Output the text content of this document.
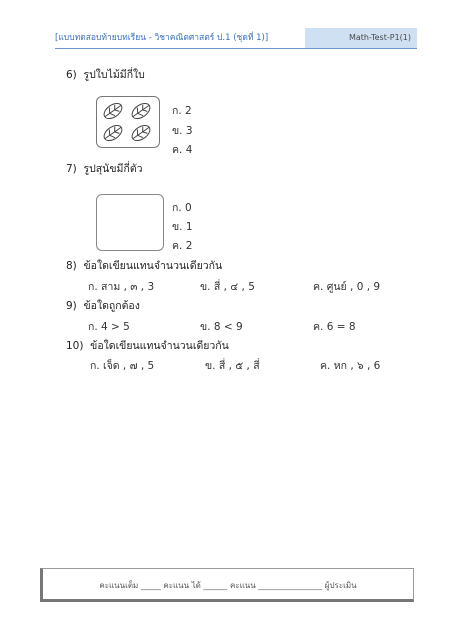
[แบบทดสอบท้ายบทเรียน - วิชาคณิตศาสตร์ ป.1 (ชุดที่ 1)]	Math-Test-P1(1)
6) รูปใบไม้มีกี่ใบ
ก. 2
ข. 3
ค. 4
7) รูปสุนัขมีกี่ตัว
ก. 0
ข. 1
ค. 2
8) ข้อใดเขียนแทนจำนวนเดียวกัน
ก. สาม , ๓ , 3	ข. สี่ , ๔ , 5	ค. ศูนย์ , 0 , 9
9) ข้อใดถูกต้อง
ก. 4 > 5	ข. 8 < 9	ค. 6 = 8
10) ข้อใดเขียนแทนจำนวนเดียวกัน
ก. เจ็ด , ๗ , 5	ข. สี่ , ๕ , สี่	ค. หก , ๖ , 6
คะแนนเต็ม _____ คะแนน ได้ ______ คะแนน ________________ ผู้ประเมิน
